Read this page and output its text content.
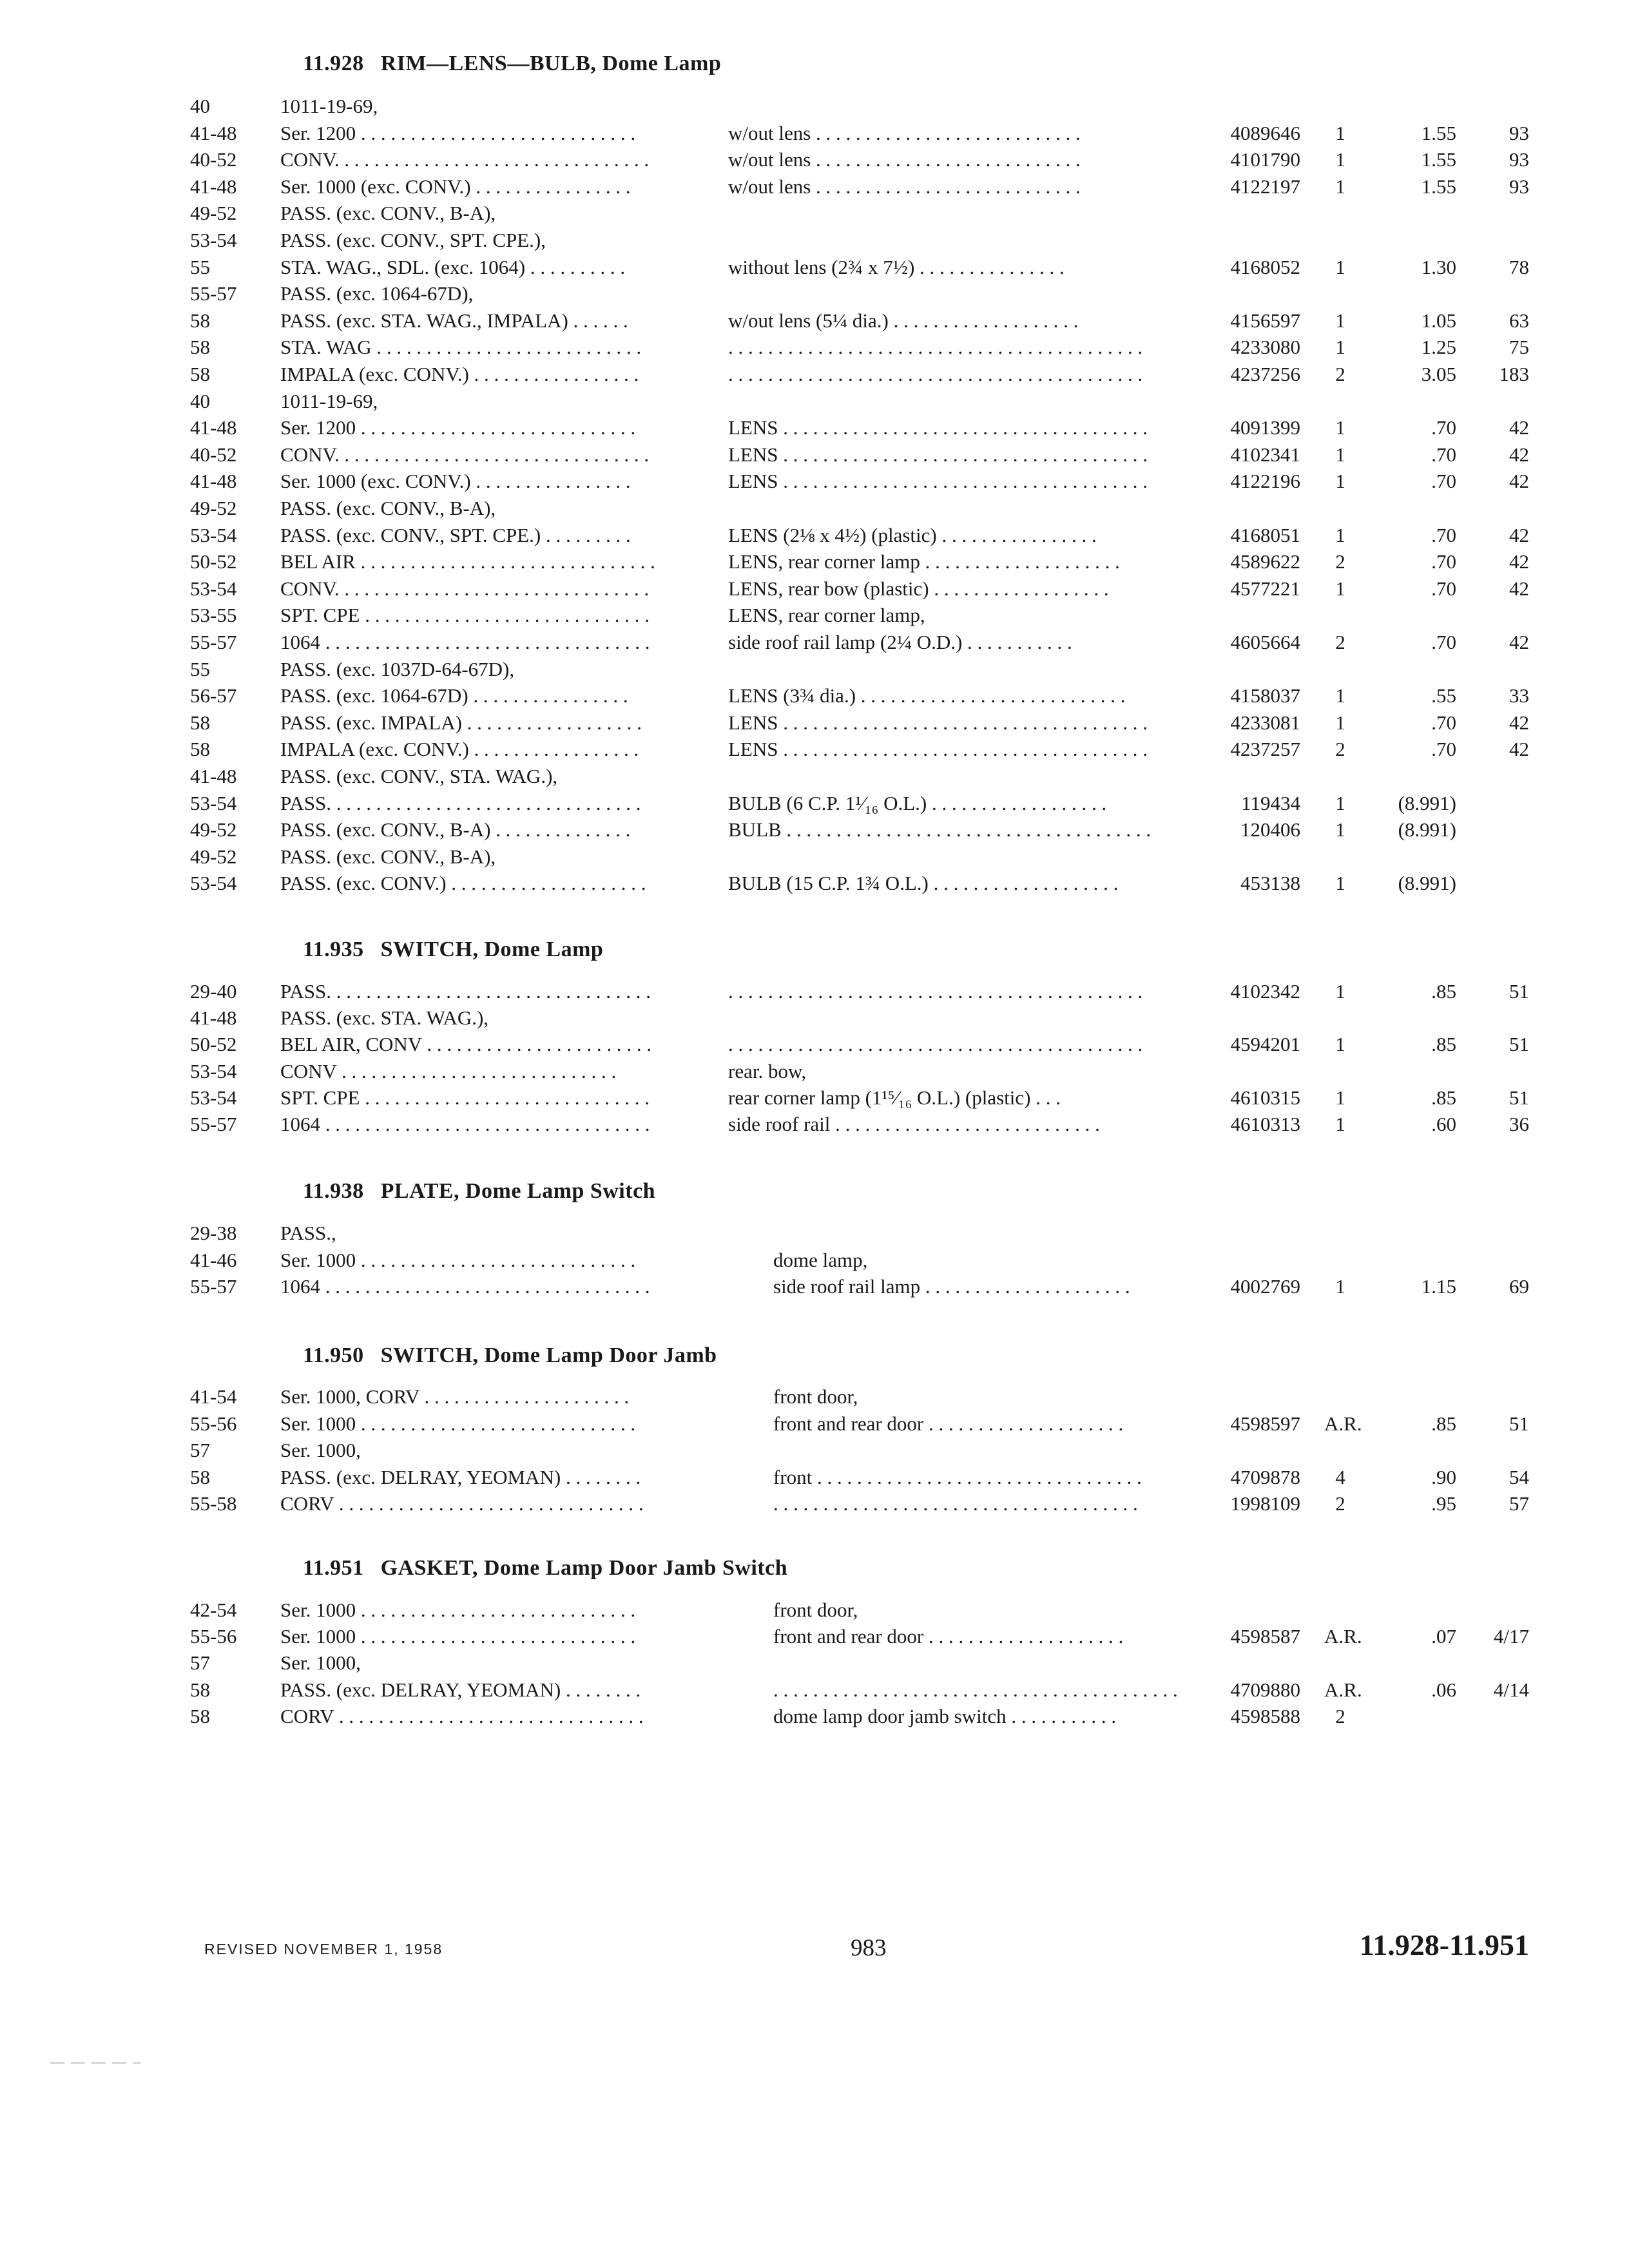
11.928 RIM—LENS—BULB, Dome Lamp
40	1011-19-69,
41-48 Ser. 1200 . . . . . . . . . . . . . . . . . . . . . . . . . . . .	w/out lens . . . . . . . . . . . . . . . . . . . . . . . . . . .	4089646	1	1.55	93
40-52 CONV. . . . . . . . . . . . . . . . . . . . . . . . . . . . . . . .	w/out lens . . . . . . . . . . . . . . . . . . . . . . . . . . .	4101790	1	1.55	93
41-48 Ser. 1000 (exc. CONV.) . . . . . . . . . . . . . . . .	w/out lens . . . . . . . . . . . . . . . . . . . . . . . . . . .	4122197	1	1.55	93
49-52 PASS. (exc. CONV., B-A),
53-54 PASS. (exc. CONV., SPT. CPE.),
55	STA. WAG., SDL. (exc. 1064) . . . . . . . . . .	without lens (2¾ x 7½) . . . . . . . . . . . . . . .	4168052	1	1.30	78
55-57 PASS. (exc. 1064-67D),
58	PASS. (exc. STA. WAG., IMPALA) . . . . . .	w/out lens (5¼ dia.) . . . . . . . . . . . . . . . . . . .	4156597	1	1.05	63
58	STA. WAG . . . . . . . . . . . . . . . . . . . . . . . . . . .	. . . . . . . . . . . . . . . . . . . . . . . . . . . . . . . . . . . . . . . . . .	4233080	1	1.25	75
58	IMPALA (exc. CONV.) . . . . . . . . . . . . . . . . .	. . . . . . . . . . . . . . . . . . . . . . . . . . . . . . . . . . . . . . . . . .	4237256	2	3.05 183
40	1011-19-69,
41-48 Ser. 1200 . . . . . . . . . . . . . . . . . . . . . . . . . . . .	LENS . . . . . . . . . . . . . . . . . . . . . . . . . . . . . . . . . . . . .	4091399	1	.70	42
40-52 CONV. . . . . . . . . . . . . . . . . . . . . . . . . . . . . . . .	LENS . . . . . . . . . . . . . . . . . . . . . . . . . . . . . . . . . . . . .	4102341	1	.70	42
41-48 Ser. 1000 (exc. CONV.) . . . . . . . . . . . . . . . .	LENS . . . . . . . . . . . . . . . . . . . . . . . . . . . . . . . . . . . . .	4122196	1	.70	42
49-52 PASS. (exc. CONV., B-A),
53-54 PASS. (exc. CONV., SPT. CPE.) . . . . . . . . .	LENS (2⅛ x 4½) (plastic) . . . . . . . . . . . . . . . .	4168051	1	.70	42
50-52 BEL AIR . . . . . . . . . . . . . . . . . . . . . . . . . . . . . .	LENS, rear corner lamp . . . . . . . . . . . . . . . . . . . .	4589622	2	.70	42
53-54 CONV. . . . . . . . . . . . . . . . . . . . . . . . . . . . . . . .	LENS, rear bow (plastic) . . . . . . . . . . . . . . . . . .	4577221	1	.70	42
53-55 SPT. CPE . . . . . . . . . . . . . . . . . . . . . . . . . . . . .	LENS, rear corner lamp,
55-57 1064 . . . . . . . . . . . . . . . . . . . . . . . . . . . . . . . . .	side roof rail lamp (2¼ O.D.) . . . . . . . . . . .	4605664	2	.70	42
55	PASS. (exc. 1037D-64-67D),
56-57 PASS. (exc. 1064-67D) . . . . . . . . . . . . . . . .	LENS (3¾ dia.) . . . . . . . . . . . . . . . . . . . . . . . . . . .	4158037	1	.55	33
58	PASS. (exc. IMPALA) . . . . . . . . . . . . . . . . . .	LENS . . . . . . . . . . . . . . . . . . . . . . . . . . . . . . . . . . . . .	4233081	1	.70	42
58	IMPALA (exc. CONV.) . . . . . . . . . . . . . . . . .	LENS . . . . . . . . . . . . . . . . . . . . . . . . . . . . . . . . . . . . .	4237257	2	.70	42
41-48 PASS. (exc. CONV., STA. WAG.),
53-54 PASS. . . . . . . . . . . . . . . . . . . . . . . . . . . . . . . .	BULB (6 C.P. 1¹⁄₁₆ O.L.) . . . . . . . . . . . . . . . . . .	119434	1	(8.991)
49-52 PASS. (exc. CONV., B-A) . . . . . . . . . . . . . .	BULB . . . . . . . . . . . . . . . . . . . . . . . . . . . . . . . . . . . . .	120406	1	(8.991)
49-52 PASS. (exc. CONV., B-A),
53-54 PASS. (exc. CONV.) . . . . . . . . . . . . . . . . . . . .	BULB (15 C.P. 1¾ O.L.) . . . . . . . . . . . . . . . . . . .	453138	1	(8.991)
11.935 SWITCH, Dome Lamp
29-40 PASS. . . . . . . . . . . . . . . . . . . . . . . . . . . . . . . . .	. . . . . . . . . . . . . . . . . . . . . . . . . . . . . . . . . . . . . . . . . .	4102342	1	.85	51
41-48 PASS. (exc. STA. WAG.),
50-52 BEL AIR, CONV . . . . . . . . . . . . . . . . . . . . . . .	. . . . . . . . . . . . . . . . . . . . . . . . . . . . . . . . . . . . . . . . . .	4594201	1	.85	51
53-54 CONV . . . . . . . . . . . . . . . . . . . . . . . . . . . .	rear. bow,
53-54 SPT. CPE . . . . . . . . . . . . . . . . . . . . . . . . . . . . .	rear corner lamp (1¹⁵⁄₁₆ O.L.) (plastic) . . .	4610315	1	.85	51
55-57 1064 . . . . . . . . . . . . . . . . . . . . . . . . . . . . . . . . .	side roof rail . . . . . . . . . . . . . . . . . . . . . . . . . . .	4610313	1	.60	36
11.938 PLATE, Dome Lamp Switch
29-38 PASS.,
41-46 Ser. 1000 . . . . . . . . . . . . . . . . . . . . . . . . . . . .	dome lamp,
55-57 1064 . . . . . . . . . . . . . . . . . . . . . . . . . . . . . . . . .	side roof rail lamp . . . . . . . . . . . . . . . . . . . . .	4002769	1	1.15	69
11.950 SWITCH, Dome Lamp Door Jamb
41-54 Ser. 1000, CORV . . . . . . . . . . . . . . . . . . . . .	front door,
55-56 Ser. 1000 . . . . . . . . . . . . . . . . . . . . . . . . . . . .	front and rear door . . . . . . . . . . . . . . . . . . . .	4598597 A.R.	.85	51
57	Ser. 1000,
58	PASS. (exc. DELRAY, YEOMAN) . . . . . . . .	front . . . . . . . . . . . . . . . . . . . . . . . . . . . . . . . . .	4709878	4	.90	54
55-58 CORV . . . . . . . . . . . . . . . . . . . . . . . . . . . . . . .	. . . . . . . . . . . . . . . . . . . . . . . . . . . . . . . . . . . . .	1998109	2	.95	57
11.951 GASKET, Dome Lamp Door Jamb Switch
42-54 Ser. 1000 . . . . . . . . . . . . . . . . . . . . . . . . . . . .	front door,
55-56 Ser. 1000 . . . . . . . . . . . . . . . . . . . . . . . . . . . .	front and rear door . . . . . . . . . . . . . . . . . . . .	4598587 A.R.	.07 4/17
57	Ser. 1000,
58	PASS. (exc. DELRAY, YEOMAN) . . . . . . . .	. . . . . . . . . . . . . . . . . . . . . . . . . . . . . . . . . . . . . . . . .	4709880 A.R.	.06 4/14
58	CORV . . . . . . . . . . . . . . . . . . . . . . . . . . . . . . .	dome lamp door jamb switch . . . . . . . . . . .	4598588	2
REVISED NOVEMBER 1, 1958	983	11.928-11.951
